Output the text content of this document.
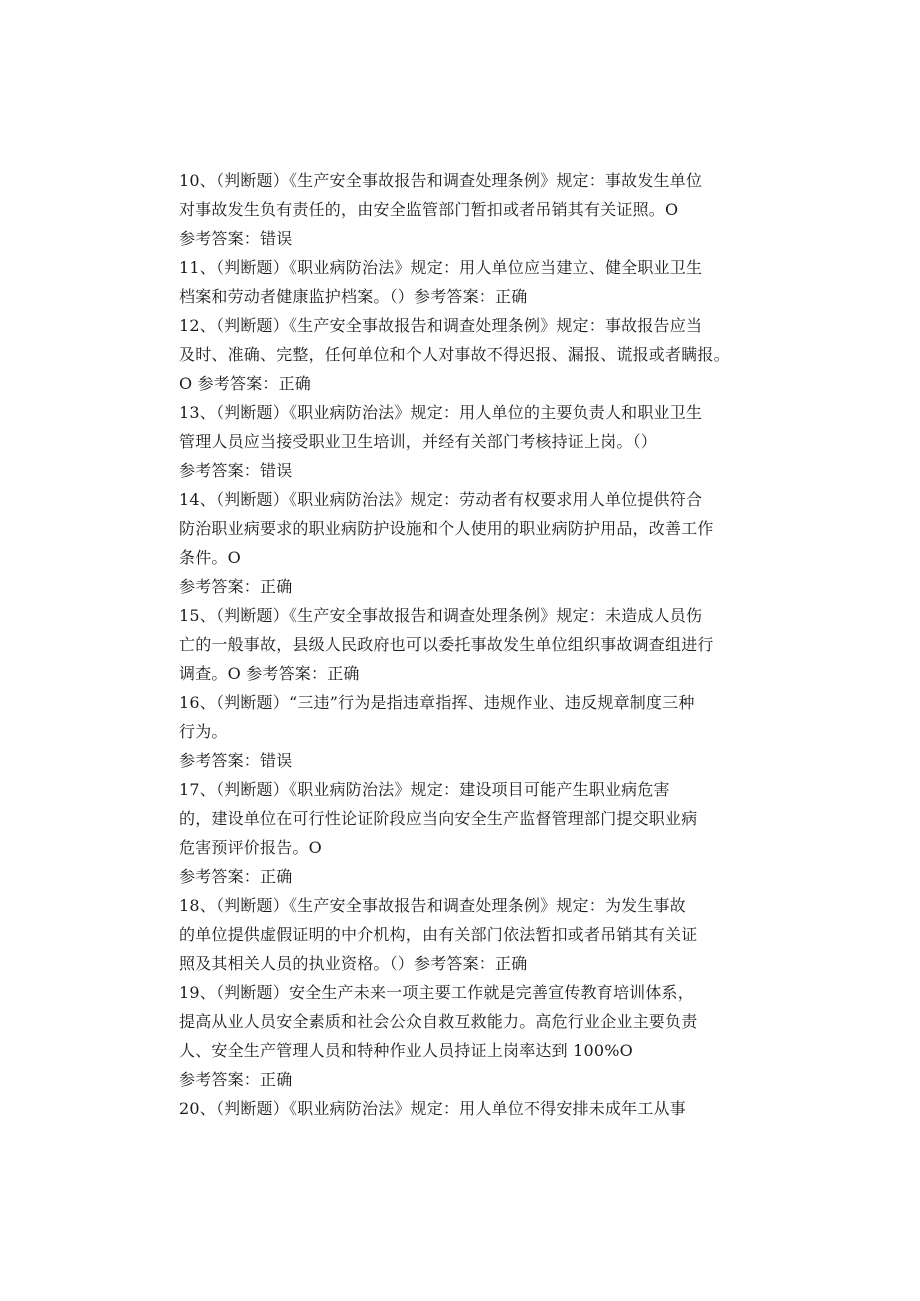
10、（判断题）《生产安全事故报告和调查处理条例》规定：事故发生单位
对事故发生负有责任的，由安全监管部门暂扣或者吊销其有关证照。O
参考答案：错误
11、（判断题）《职业病防治法》规定：用人单位应当建立、健全职业卫生
档案和劳动者健康监护档案。（）参考答案：正确
12、（判断题）《生产安全事故报告和调查处理条例》规定：事故报告应当
及时、准确、完整，任何单位和个人对事故不得迟报、漏报、谎报或者瞒报。
O 参考答案：正确
13、（判断题）《职业病防治法》规定：用人单位的主要负责人和职业卫生
管理人员应当接受职业卫生培训，并经有关部门考核持证上岗。（）
参考答案：错误
14、（判断题）《职业病防治法》规定：劳动者有权要求用人单位提供符合
防治职业病要求的职业病防护设施和个人使用的职业病防护用品，改善工作
条件。O
参考答案：正确
15、（判断题）《生产安全事故报告和调查处理条例》规定：未造成人员伤
亡的一般事故，县级人民政府也可以委托事故发生单位组织事故调查组进行
调查。O 参考答案：正确
16、（判断题）“三违”行为是指违章指挥、违规作业、违反规章制度三种
行为。
参考答案：错误
17、（判断题）《职业病防治法》规定：建设项目可能产生职业病危害
的，建设单位在可行性论证阶段应当向安全生产监督管理部门提交职业病
危害预评价报告。O
参考答案：正确
18、（判断题）《生产安全事故报告和调查处理条例》规定：为发生事故
的单位提供虚假证明的中介机构，由有关部门依法暂扣或者吊销其有关证
照及其相关人员的执业资格。（）参考答案：正确
19、（判断题）安全生产未来一项主要工作就是完善宣传教育培训体系，
提高从业人员安全素质和社会公众自救互救能力。高危行业企业主要负责
人、安全生产管理人员和特种作业人员持证上岗率达到 100%O
参考答案：正确
20、（判断题）《职业病防治法》规定：用人单位不得安排未成年工从事
